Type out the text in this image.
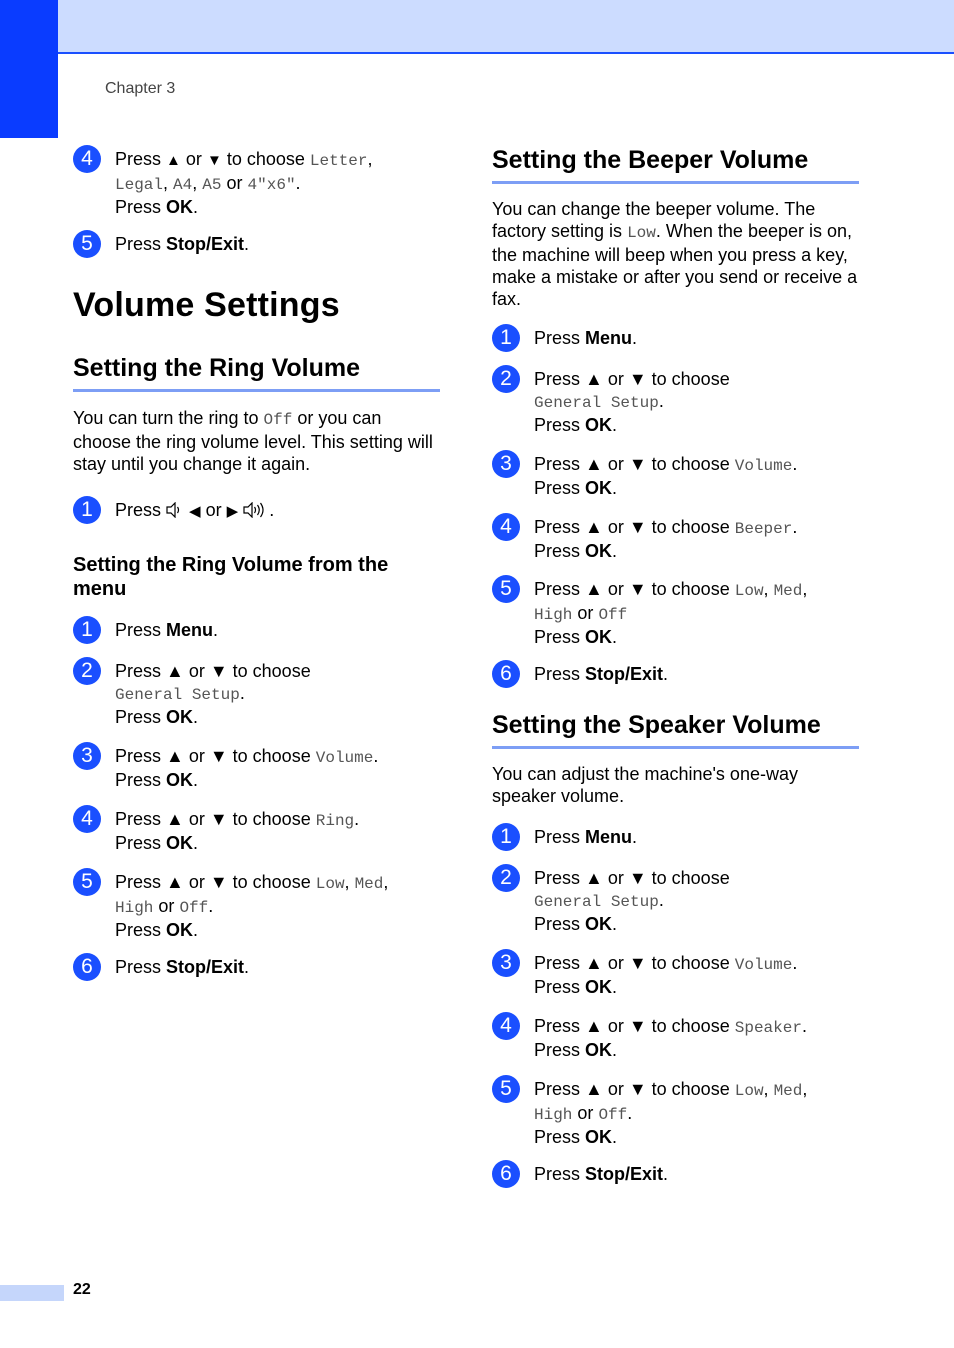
Chapter 3
4	Press ▲ or ▼ to choose Letter,
Legal, A4, A5 or 4"x6".
Press OK.
5	Press Stop/Exit.
Volume Settings
Setting the Ring Volume

You can turn the ring to Off or you can choose the ring volume level. This setting will stay until you change it again.

1	Press ◀ or ▶ .
Setting the Ring Volume from the menu
1	Press Menu.
2	Press ▲ or ▼ to choose
General Setup.
Press OK.
3	Press ▲ or ▼ to choose Volume.
Press OK.
4	Press ▲ or ▼ to choose Ring.
Press OK.
5	Press ▲ or ▼ to choose Low, Med,
High or Off.
Press OK.
6	Press Stop/Exit.
Setting the Beeper Volume

You can change the beeper volume. The factory setting is Low. When the beeper is on, the machine will beep when you press a key, make a mistake or after you send or receive a fax.

1	Press Menu.
2	Press ▲ or ▼ to choose
General Setup.
Press OK.
3	Press ▲ or ▼ to choose Volume.
Press OK.
4	Press ▲ or ▼ to choose Beeper.
Press OK.
5	Press ▲ or ▼ to choose Low, Med,
High or Off
Press OK.
6	Press Stop/Exit.
Setting the Speaker Volume

You can adjust the machine's one-way speaker volume.

1	Press Menu.
2	Press ▲ or ▼ to choose
General Setup.
Press OK.
3	Press ▲ or ▼ to choose Volume.
Press OK.
4	Press ▲ or ▼ to choose Speaker.
Press OK.
5	Press ▲ or ▼ to choose Low, Med,
High or Off.
Press OK.
6	Press Stop/Exit.
22
